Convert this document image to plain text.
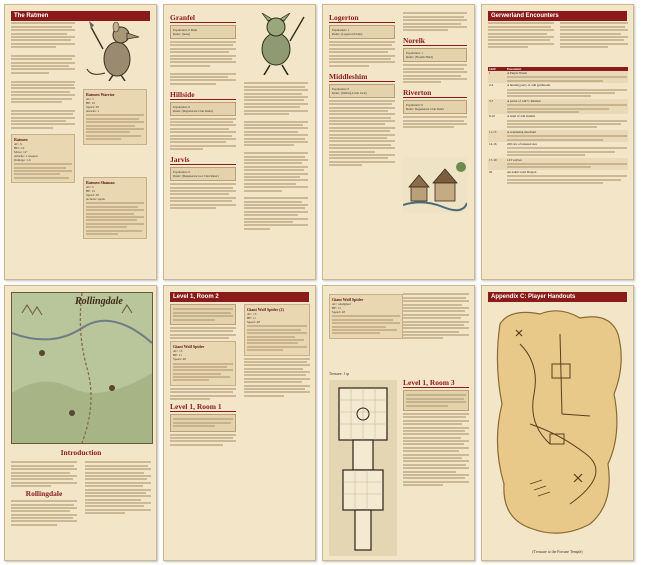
The Ratmen
Ratmen
AC: 6
HD: 1/2
Move: 12"
Attacks: 1 weapon
Damage: 1-6
Ratmen Warrior
AC: 5
HP: 10
Speed: 30'
Attacks: 1
Ratmen Shaman
AC: 6
HP: 12
Speed: 30'
Actions: spells
Granfel
Population: 0 Ruin
Ruler: (none)
Hillside
Population: 0
Ruler: (Degenerate Clan Ruler)
Jarvis
Population: 0
Ruler: (Degenerate Gar Clan Ruler)
Logerton
Population: 1
Ruler: (Logerton Elder)
Middleshim
Population: 0
Ruler: (Stirling Little Jack)
Norelk
Population: 1
Ruler: (Norelk Hold)
Riverton
Population: 0
Ruler: Degenerate Clan Ruler
Gerwerland Encounters
1d20	Encounter
1	A Purple Worm

2-4	A hunting party of 2d6 goblinoids

5-7	A patrol of 1d4+1 Ratmen

8-10	A band of 2d4 bandits

11-13	A wandering merchant

14-16	2d6 rats of unusual size

17-19	1d3 wolves

20	An Adult Gold Dragon
Rollingdale
Introduction
Rollingdale
Level 1, Room 2
Giant Wolf Spider
AC: 13
HP: 11
Speed: 40'
Level 1, Room 1
Giant Wolf Spider (2)
AC: 13
HP: 11
Speed: 40'
Giant Wolf Spider
AC: unaligned
HP: 11
Speed: 40'
Treasure: 1 sp
Level 1, Room 3
Appendix C: Player Handouts
(Treasure to the Fortune Temple)
